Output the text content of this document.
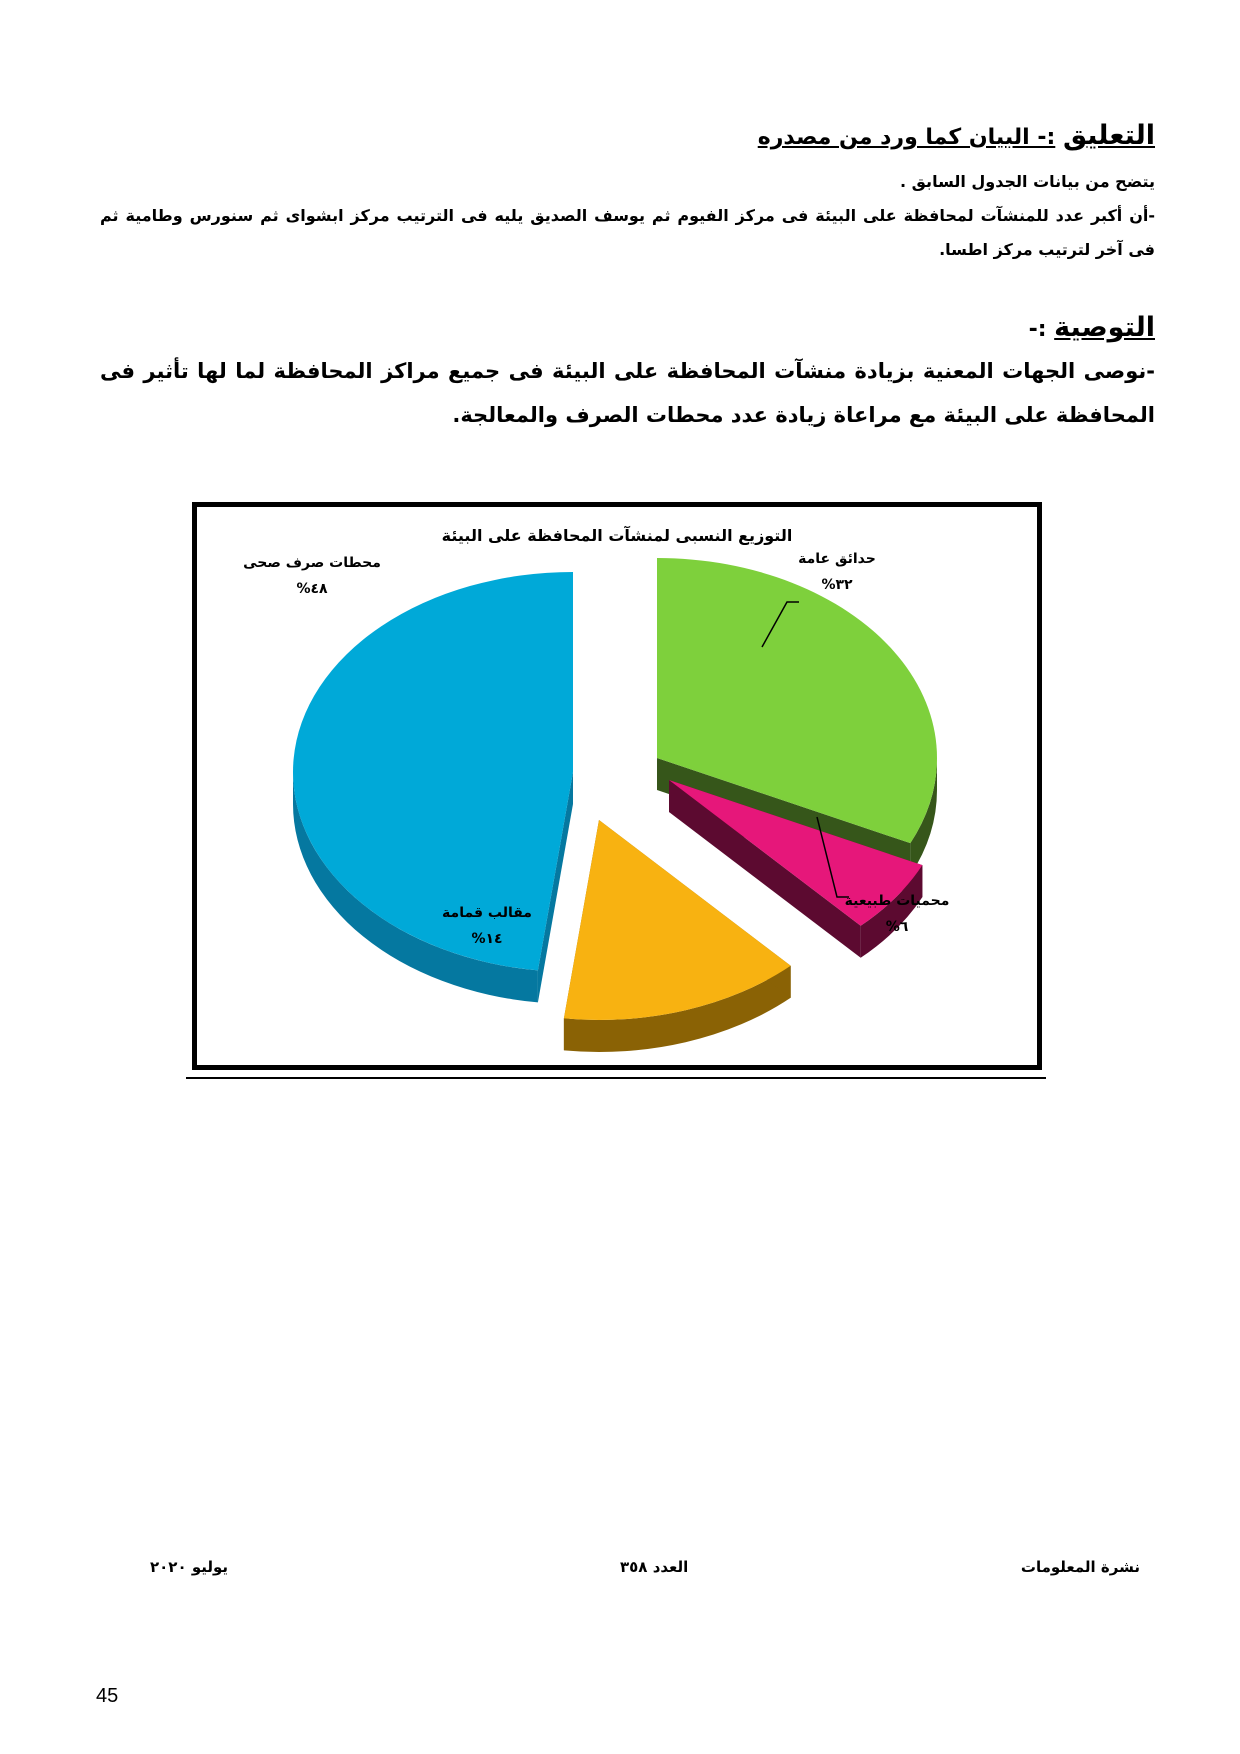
التعليق :- البيان كما ورد من مصدره
يتضح من بيانات الجدول السابق .
-أن أكبر عدد للمنشآت لمحافظة على البيئة فى مركز الفيوم ثم يوسف الصديق يليه فى الترتيب مركز ابشواى ثم سنورس وطامية ثم فى آخر لترتيب مركز اطسا.
التوصية :-
-نوصى الجهات المعنية بزيادة منشآت المحافظة على البيئة فى جميع مراكز المحافظة لما لها تأثير فى المحافظة على البيئة مع مراعاة زيادة عدد محطات الصرف والمعالجة.
التوزيع النسبى لمنشآت المحافظة على البيئة
حدائق عامة
%٣٢
محميات طبيعية
%٦
مقالب قمامة
%١٤
محطات صرف صحى
%٤٨
يوليو ٢٠٢٠	العدد ٣٥٨	نشرة المعلومات
45
